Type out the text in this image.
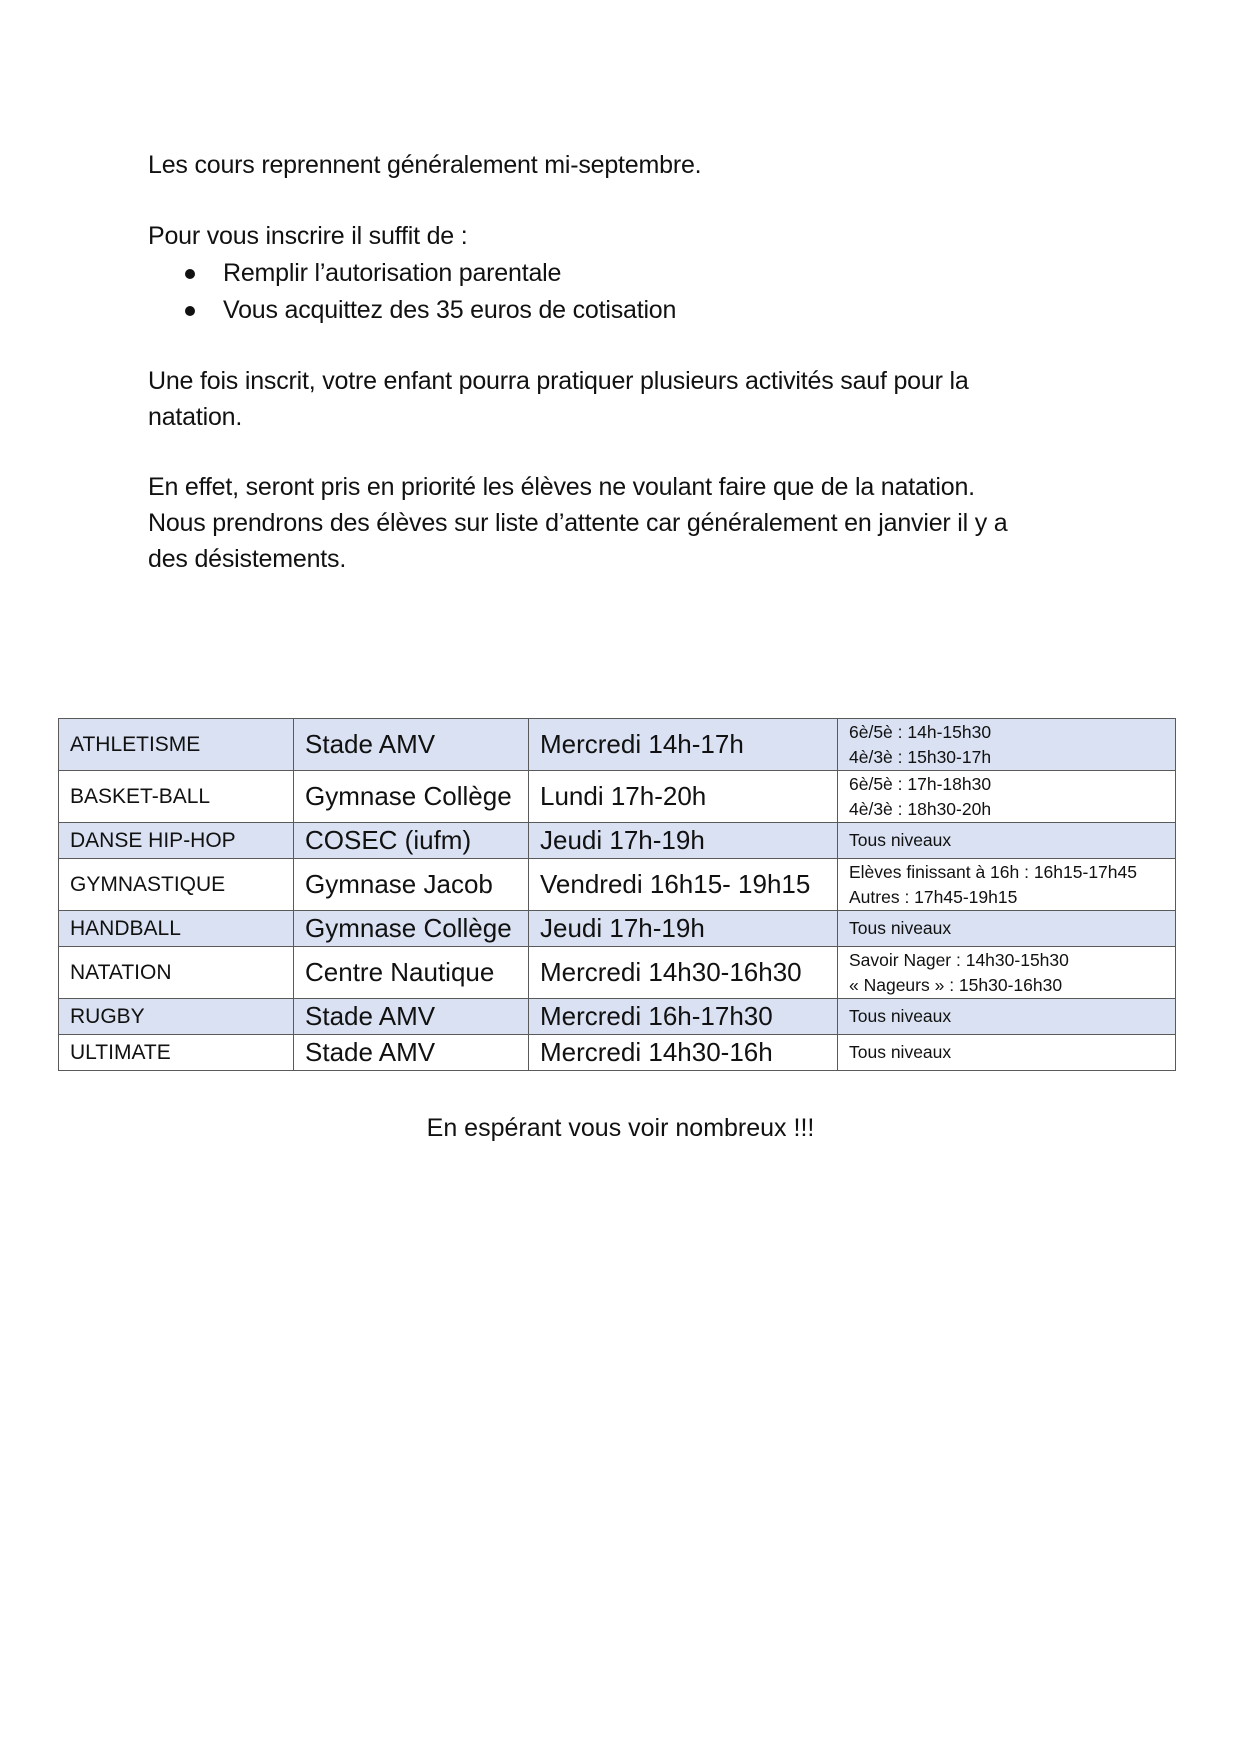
Les cours reprennent généralement mi-septembre.
Pour vous inscrire il suffit de :
Remplir l’autorisation parentale
Vous acquittez des 35 euros de cotisation
Une fois inscrit, votre enfant pourra pratiquer plusieurs activités sauf pour la
natation.
En effet, seront pris en priorité les élèves ne voulant faire que de la natation.
Nous prendrons des élèves sur liste d’attente car généralement en janvier il y a
des désistements.
ATHLETISME	Stade AMV	Mercredi 14h-17h	6è/5è : 14h-15h30
4è/3è : 15h30-17h

BASKET-BALL	Gymnase Collège	Lundi 17h-20h	6è/5è : 17h-18h30
4è/3è : 18h30-20h

DANSE HIP-HOP	COSEC (iufm)	Jeudi 17h-19h	Tous niveaux

GYMNASTIQUE	Gymnase Jacob	Vendredi 16h15- 19h15	Elèves finissant à 16h : 16h15-17h45
Autres : 17h45-19h15

HANDBALL	Gymnase Collège	Jeudi 17h-19h	Tous niveaux

NATATION	Centre Nautique	Mercredi 14h30-16h30	Savoir Nager : 14h30-15h30
« Nageurs » : 15h30-16h30

RUGBY	Stade AMV	Mercredi 16h-17h30	Tous niveaux

ULTIMATE	Stade AMV	Mercredi 14h30-16h	Tous niveaux
En espérant vous voir nombreux !!!
